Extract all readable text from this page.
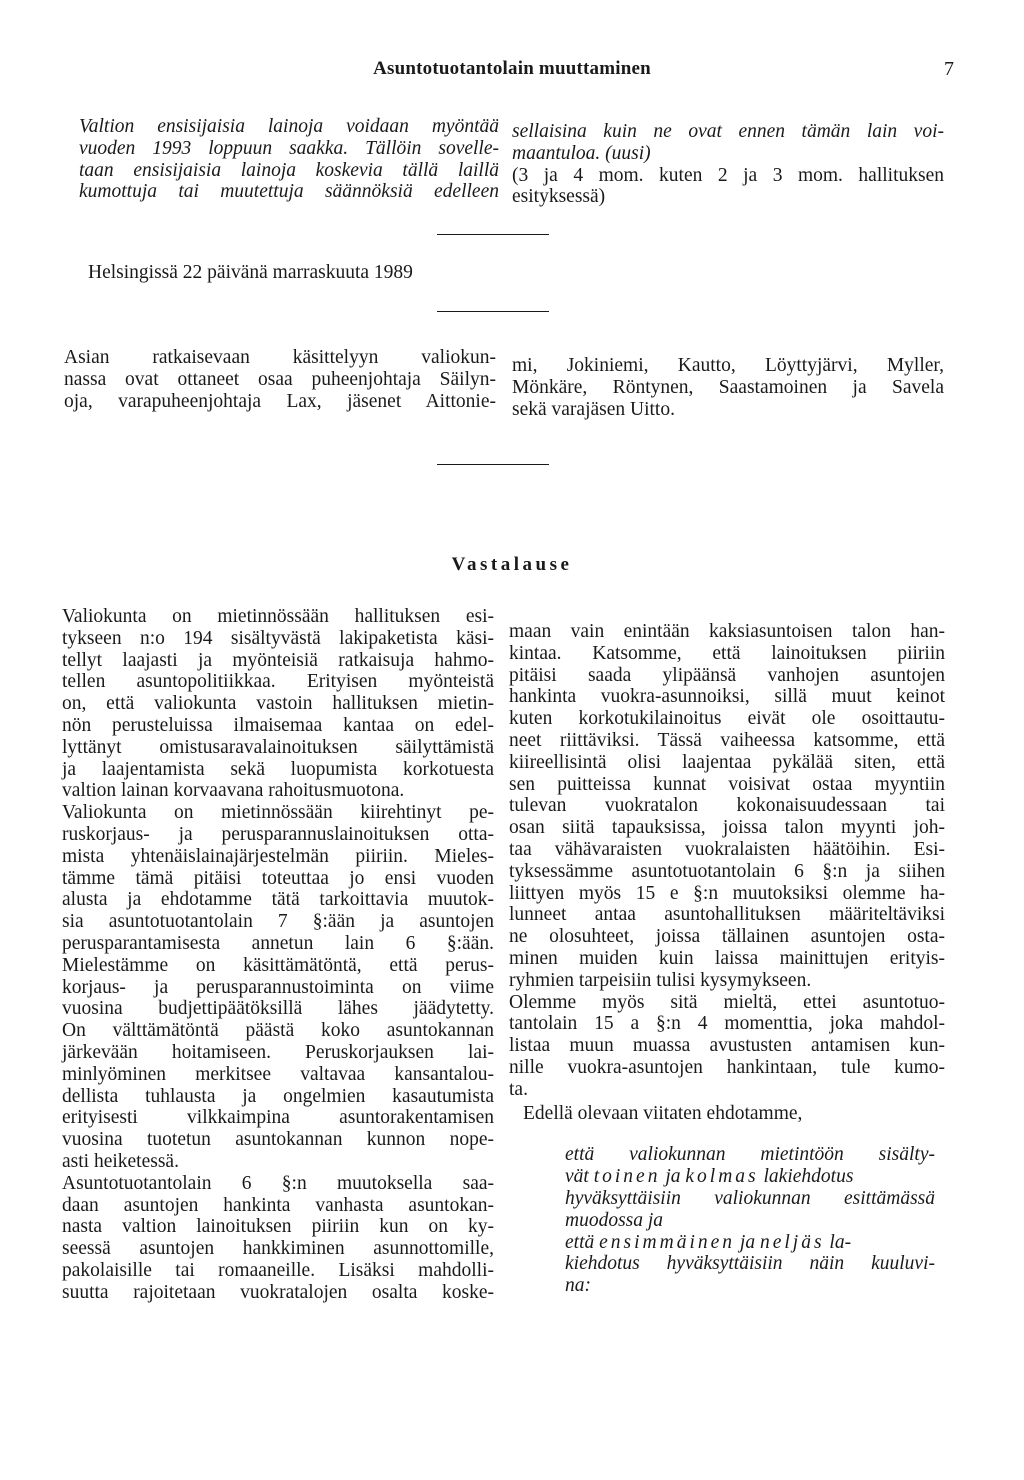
Asuntotuotantolain muuttaminen	7
Valtion ensisijaisia lainoja voidaan myöntää
vuoden 1993 loppuun saakka. Tällöin sovelle-
taan ensisijaisia lainoja koskevia tällä laillä
kumottuja tai muutettuja säännöksiä edelleen
sellaisina kuin ne ovat ennen tämän lain voi-
maantuloa. (uusi)
(3 ja 4 mom. kuten 2 ja 3 mom. hallituksen
esityksessä)
Helsingissä 22 päivänä marraskuuta 1989
Asian ratkaisevaan käsittelyyn valiokun-
nassa ovat ottaneet osaa puheenjohtaja Säilyn-
oja, varapuheenjohtaja Lax, jäsenet Aittonie-
mi, Jokiniemi, Kautto, Löyttyjärvi, Myller,
Mönkäre, Röntynen, Saastamoinen ja Savela
sekä varajäsen Uitto.
Vastalause
Valiokunta on mietinnössään hallituksen esi-
tykseen n:o 194 sisältyvästä lakipaketista käsi-
tellyt laajasti ja myönteisiä ratkaisuja hahmo-
tellen asuntopolitiikkaa. Erityisen myönteistä
on, että valiokunta vastoin hallituksen mietin-
nön perusteluissa ilmaisemaa kantaa on edel-
lyttänyt omistusaravalainoituksen säilyttämistä
ja laajentamista sekä luopumista korkotuesta
valtion lainan korvaavana rahoitusmuotona.
Valiokunta on mietinnössään kiirehtinyt pe-
ruskorjaus- ja perusparannuslainoituksen otta-
mista yhtenäislainajärjestelmän piiriin. Mieles-
tämme tämä pitäisi toteuttaa jo ensi vuoden
alusta ja ehdotamme tätä tarkoittavia muutok-
sia asuntotuotantolain 7 §:ään ja asuntojen
perusparantamisesta annetun lain 6 §:ään.
Mielestämme on käsittämätöntä, että perus-
korjaus- ja perusparannustoiminta on viime
vuosina budjettipäätöksillä lähes jäädytetty.
On välttämätöntä päästä koko asuntokannan
järkevään hoitamiseen. Peruskorjauksen lai-
minlyöminen merkitsee valtavaa kansantalou-
dellista tuhlausta ja ongelmien kasautumista
erityisesti vilkkaimpina asuntorakentamisen
vuosina tuotetun asuntokannan kunnon nope-
asti heiketessä.
Asuntotuotantolain 6 §:n muutoksella saa-
daan asuntojen hankinta vanhasta asuntokan-
nasta valtion lainoituksen piiriin kun on ky-
seessä asuntojen hankkiminen asunnottomille,
pakolaisille tai romaaneille. Lisäksi mahdolli-
suutta rajoitetaan vuokratalojen osalta koske-
maan vain enintään kaksiasuntoisen talon han-
kintaa. Katsomme, että lainoituksen piiriin
pitäisi saada ylipäänsä vanhojen asuntojen
hankinta vuokra-asunnoiksi, sillä muut keinot
kuten korkotukilainoitus eivät ole osoittautu-
neet riittäviksi. Tässä vaiheessa katsomme, että
kiireellisintä olisi laajentaa pykälää siten, että
sen puitteissa kunnat voisivat ostaa myyntiin
tulevan vuokratalon kokonaisuudessaan tai
osan siitä tapauksissa, joissa talon myynti joh-
taa vähävaraisten vuokralaisten häätöihin. Esi-
tyksessämme asuntotuotantolain 6 §:n ja siihen
liittyen myös 15 e §:n muutoksiksi olemme ha-
lunneet antaa asuntohallituksen määriteltäviksi
ne olosuhteet, joissa tällainen asuntojen osta-
minen muiden kuin laissa mainittujen erityis-
ryhmien tarpeisiin tulisi kysymykseen.
Olemme myös sitä mieltä, ettei asuntotuo-
tantolain 15 a §:n 4 momenttia, joka mahdol-
listaa muun muassa avustusten antamisen kun-
nille vuokra-asuntojen hankintaan, tule kumo-
ta.
Edellä olevaan viitaten ehdotamme,
että valiokunnan mietintöön sisälty-
vät toinen ja kolmas lakiehdotus
hyväksyttäisiin valiokunnan esittämässä
muodossa ja
että ensimmäinen ja neljäs la-
kiehdotus hyväksyttäisiin näin kuuluvi-
na:
